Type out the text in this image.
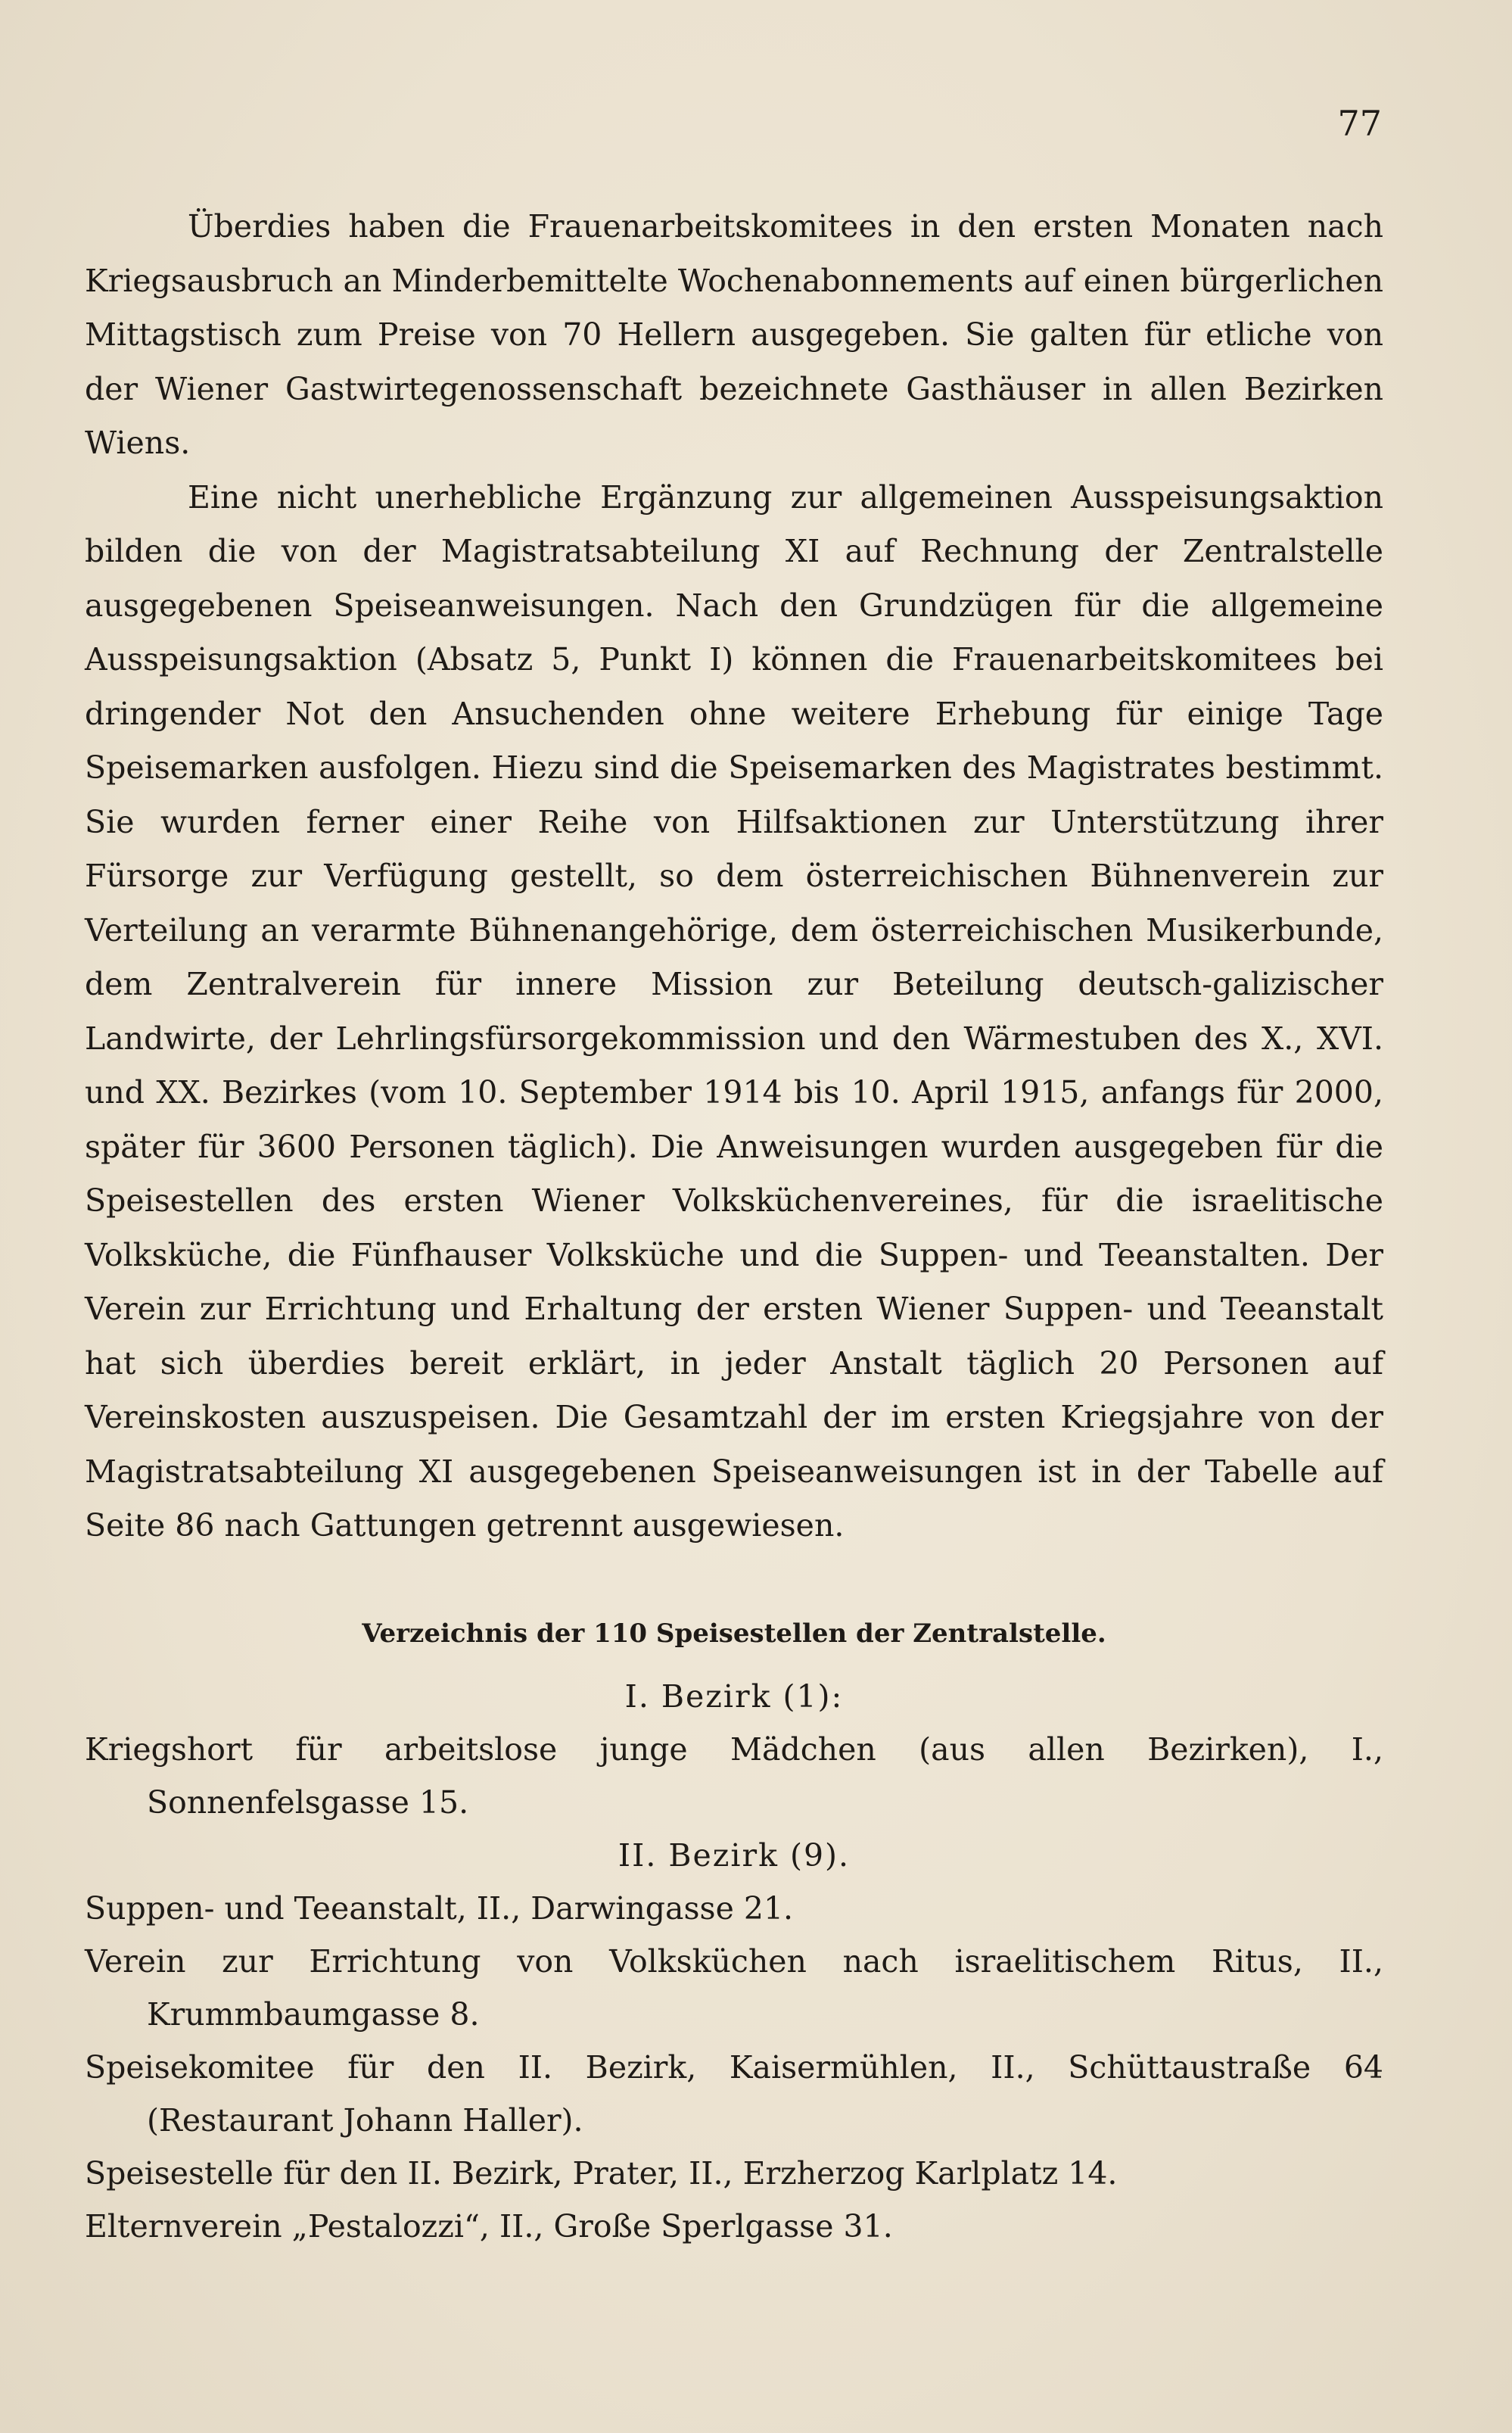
77

Überdies haben die Frauenarbeitskomitees in den ersten Monaten nach Kriegsausbruch an Minderbemittelte Wochenabonnements auf einen bürgerlichen Mittagstisch zum Preise von 70 Hellern ausgegeben. Sie galten für etliche von der Wiener Gastwirtegenossenschaft bezeichnete Gasthäuser in allen Bezirken Wiens.

Eine nicht unerhebliche Ergänzung zur allgemeinen Ausspeisungsaktion bilden die von der Magistratsabteilung XI auf Rechnung der Zentralstelle ausgegebenen Speiseanweisungen. Nach den Grundzügen für die allgemeine Ausspeisungsaktion (Absatz 5, Punkt I) können die Frauenarbeitskomitees bei dringender Not den Ansuchenden ohne weitere Erhebung für einige Tage Speisemarken ausfolgen. Hiezu sind die Speisemarken des Magistrates bestimmt. Sie wurden ferner einer Reihe von Hilfsaktionen zur Unterstützung ihrer Fürsorge zur Verfügung gestellt, so dem österreichischen Bühnenverein zur Verteilung an verarmte Bühnenangehörige, dem österreichischen Musikerbunde, dem Zentralverein für innere Mission zur Beteilung deutsch-galizischer Landwirte, der Lehrlingsfürsorgekommission und den Wärmestuben des X., XVI. und XX. Bezirkes (vom 10. September 1914 bis 10. April 1915, anfangs für 2000, später für 3600 Personen täglich). Die Anweisungen wurden ausgegeben für die Speisestellen des ersten Wiener Volksküchenvereines, für die israelitische Volksküche, die Fünfhauser Volksküche und die Suppen- und Teeanstalten. Der Verein zur Errichtung und Erhaltung der ersten Wiener Suppen- und Teeanstalt hat sich überdies bereit erklärt, in jeder Anstalt täglich 20 Personen auf Vereinskosten auszuspeisen. Die Gesamtzahl der im ersten Kriegsjahre von der Magistratsabteilung XI ausgegebenen Speiseanweisungen ist in der Tabelle auf Seite 86 nach Gattungen getrennt ausgewiesen.

Verzeichnis der 110 Speisestellen der Zentralstelle.
I. Bezirk (1):

Kriegshort für arbeitslose junge Mädchen (aus allen Bezirken), I., Sonnenfelsgasse 15.

II. Bezirk (9).

Suppen- und Teeanstalt, II., Darwingasse 21.

Verein zur Errichtung von Volksküchen nach israelitischem Ritus, II., Krummbaumgasse 8.

Speisekomitee für den II. Bezirk, Kaisermühlen, II., Schüttaustraße 64 (Restaurant Johann Haller).

Speisestelle für den II. Bezirk, Prater, II., Erzherzog Karlplatz 14.

Elternverein „Pestalozzi“, II., Große Sperlgasse 31.
